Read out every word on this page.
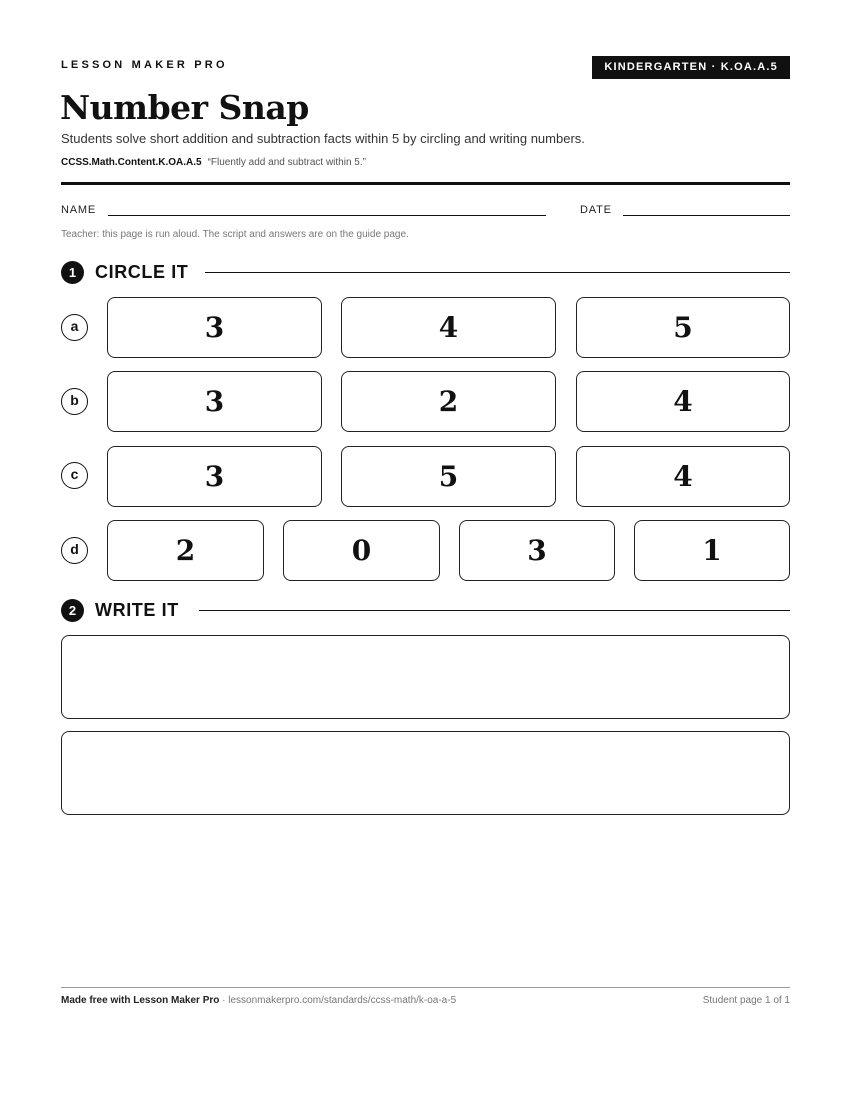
LESSON MAKER PRO	KINDERGARTEN · K.OA.A.5
Number Snap

Students solve short addition and subtraction facts within 5 by circling and writing numbers.

CCSS.Math.Content.K.OA.A.5 “Fluently add and subtract within 5.”

NAME	DATE

Teacher: this page is run aloud. The script and answers are on the guide page.

1	CIRCLE IT
a	3	4	5
b	3	2	4
c	3	5	4
d	2	0	3	1
2	WRITE IT

Made free with Lesson Maker Pro · lessonmakerpro.com/standards/ccss-math/k-oa-a-5	Student page 1 of 1
